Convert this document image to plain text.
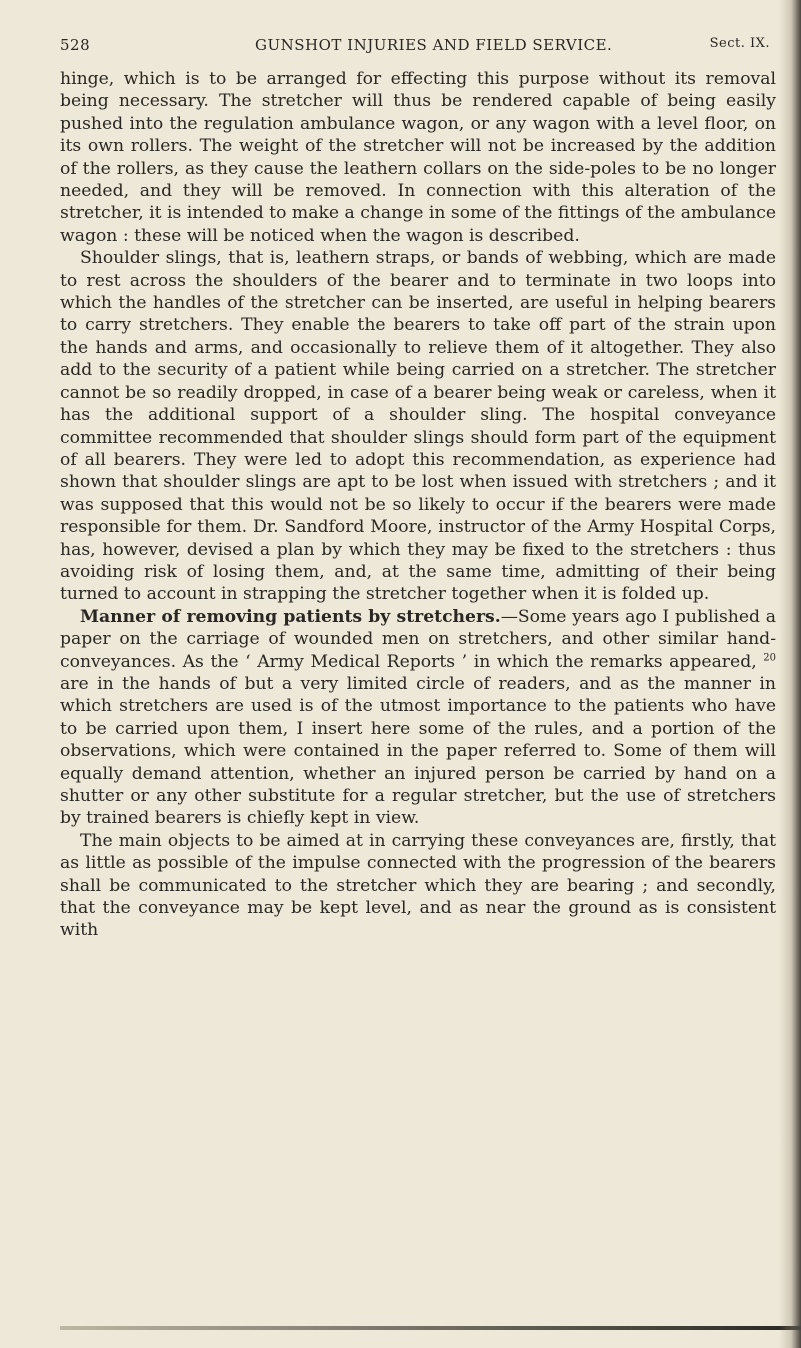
528	GUNSHOT INJURIES AND FIELD SERVICE.	Sect. IX.

hinge, which is to be arranged for effecting this purpose without its removal being necessary. The stretcher will thus be rendered capable of being easily pushed into the regulation ambulance wagon, or any wagon with a level floor, on its own rollers. The weight of the stretcher will not be increased by the addition of the rollers, as they cause the leathern collars on the side-poles to be no longer needed, and they will be removed. In connection with this alteration of the stretcher, it is intended to make a change in some of the fittings of the ambulance wagon : these will be noticed when the wagon is described.

Shoulder slings, that is, leathern straps, or bands of webbing, which are made to rest across the shoulders of the bearer and to terminate in two loops into which the handles of the stretcher can be inserted, are useful in helping bearers to carry stretchers. They enable the bearers to take off part of the strain upon the hands and arms, and occasionally to relieve them of it altogether. They also add to the security of a patient while being carried on a stretcher. The stretcher cannot be so readily dropped, in case of a bearer being weak or careless, when it has the additional support of a shoulder sling. The hospital conveyance committee recommended that shoulder slings should form part of the equipment of all bearers. They were led to adopt this recommendation, as experience had shown that shoulder slings are apt to be lost when issued with stretchers ; and it was supposed that this would not be so likely to occur if the bearers were made responsible for them. Dr. Sandford Moore, instructor of the Army Hospital Corps, has, however, devised a plan by which they may be fixed to the stretchers : thus avoiding risk of losing them, and, at the same time, admitting of their being turned to account in strapping the stretcher together when it is folded up.

Manner of removing patients by stretchers.—Some years ago I published a paper on the carriage of wounded men on stretchers, and other similar hand-conveyances. As the ‘ Army Medical Reports ’ in which the remarks appeared, $^{20}$ are in the hands of but a very limited circle of readers, and as the manner in which stretchers are used is of the utmost importance to the patients who have to be carried upon them, I insert here some of the rules, and a portion of the observations, which were contained in the paper referred to. Some of them will equally demand attention, whether an injured person be carried by hand on a shutter or any other substitute for a regular stretcher, but the use of stretchers by trained bearers is chiefly kept in view.

The main objects to be aimed at in carrying these conveyances are, firstly, that as little as possible of the impulse connected with the progression of the bearers shall be communicated to the stretcher which they are bearing ; and secondly, that the conveyance may be kept level, and as near the ground as is consistent with
